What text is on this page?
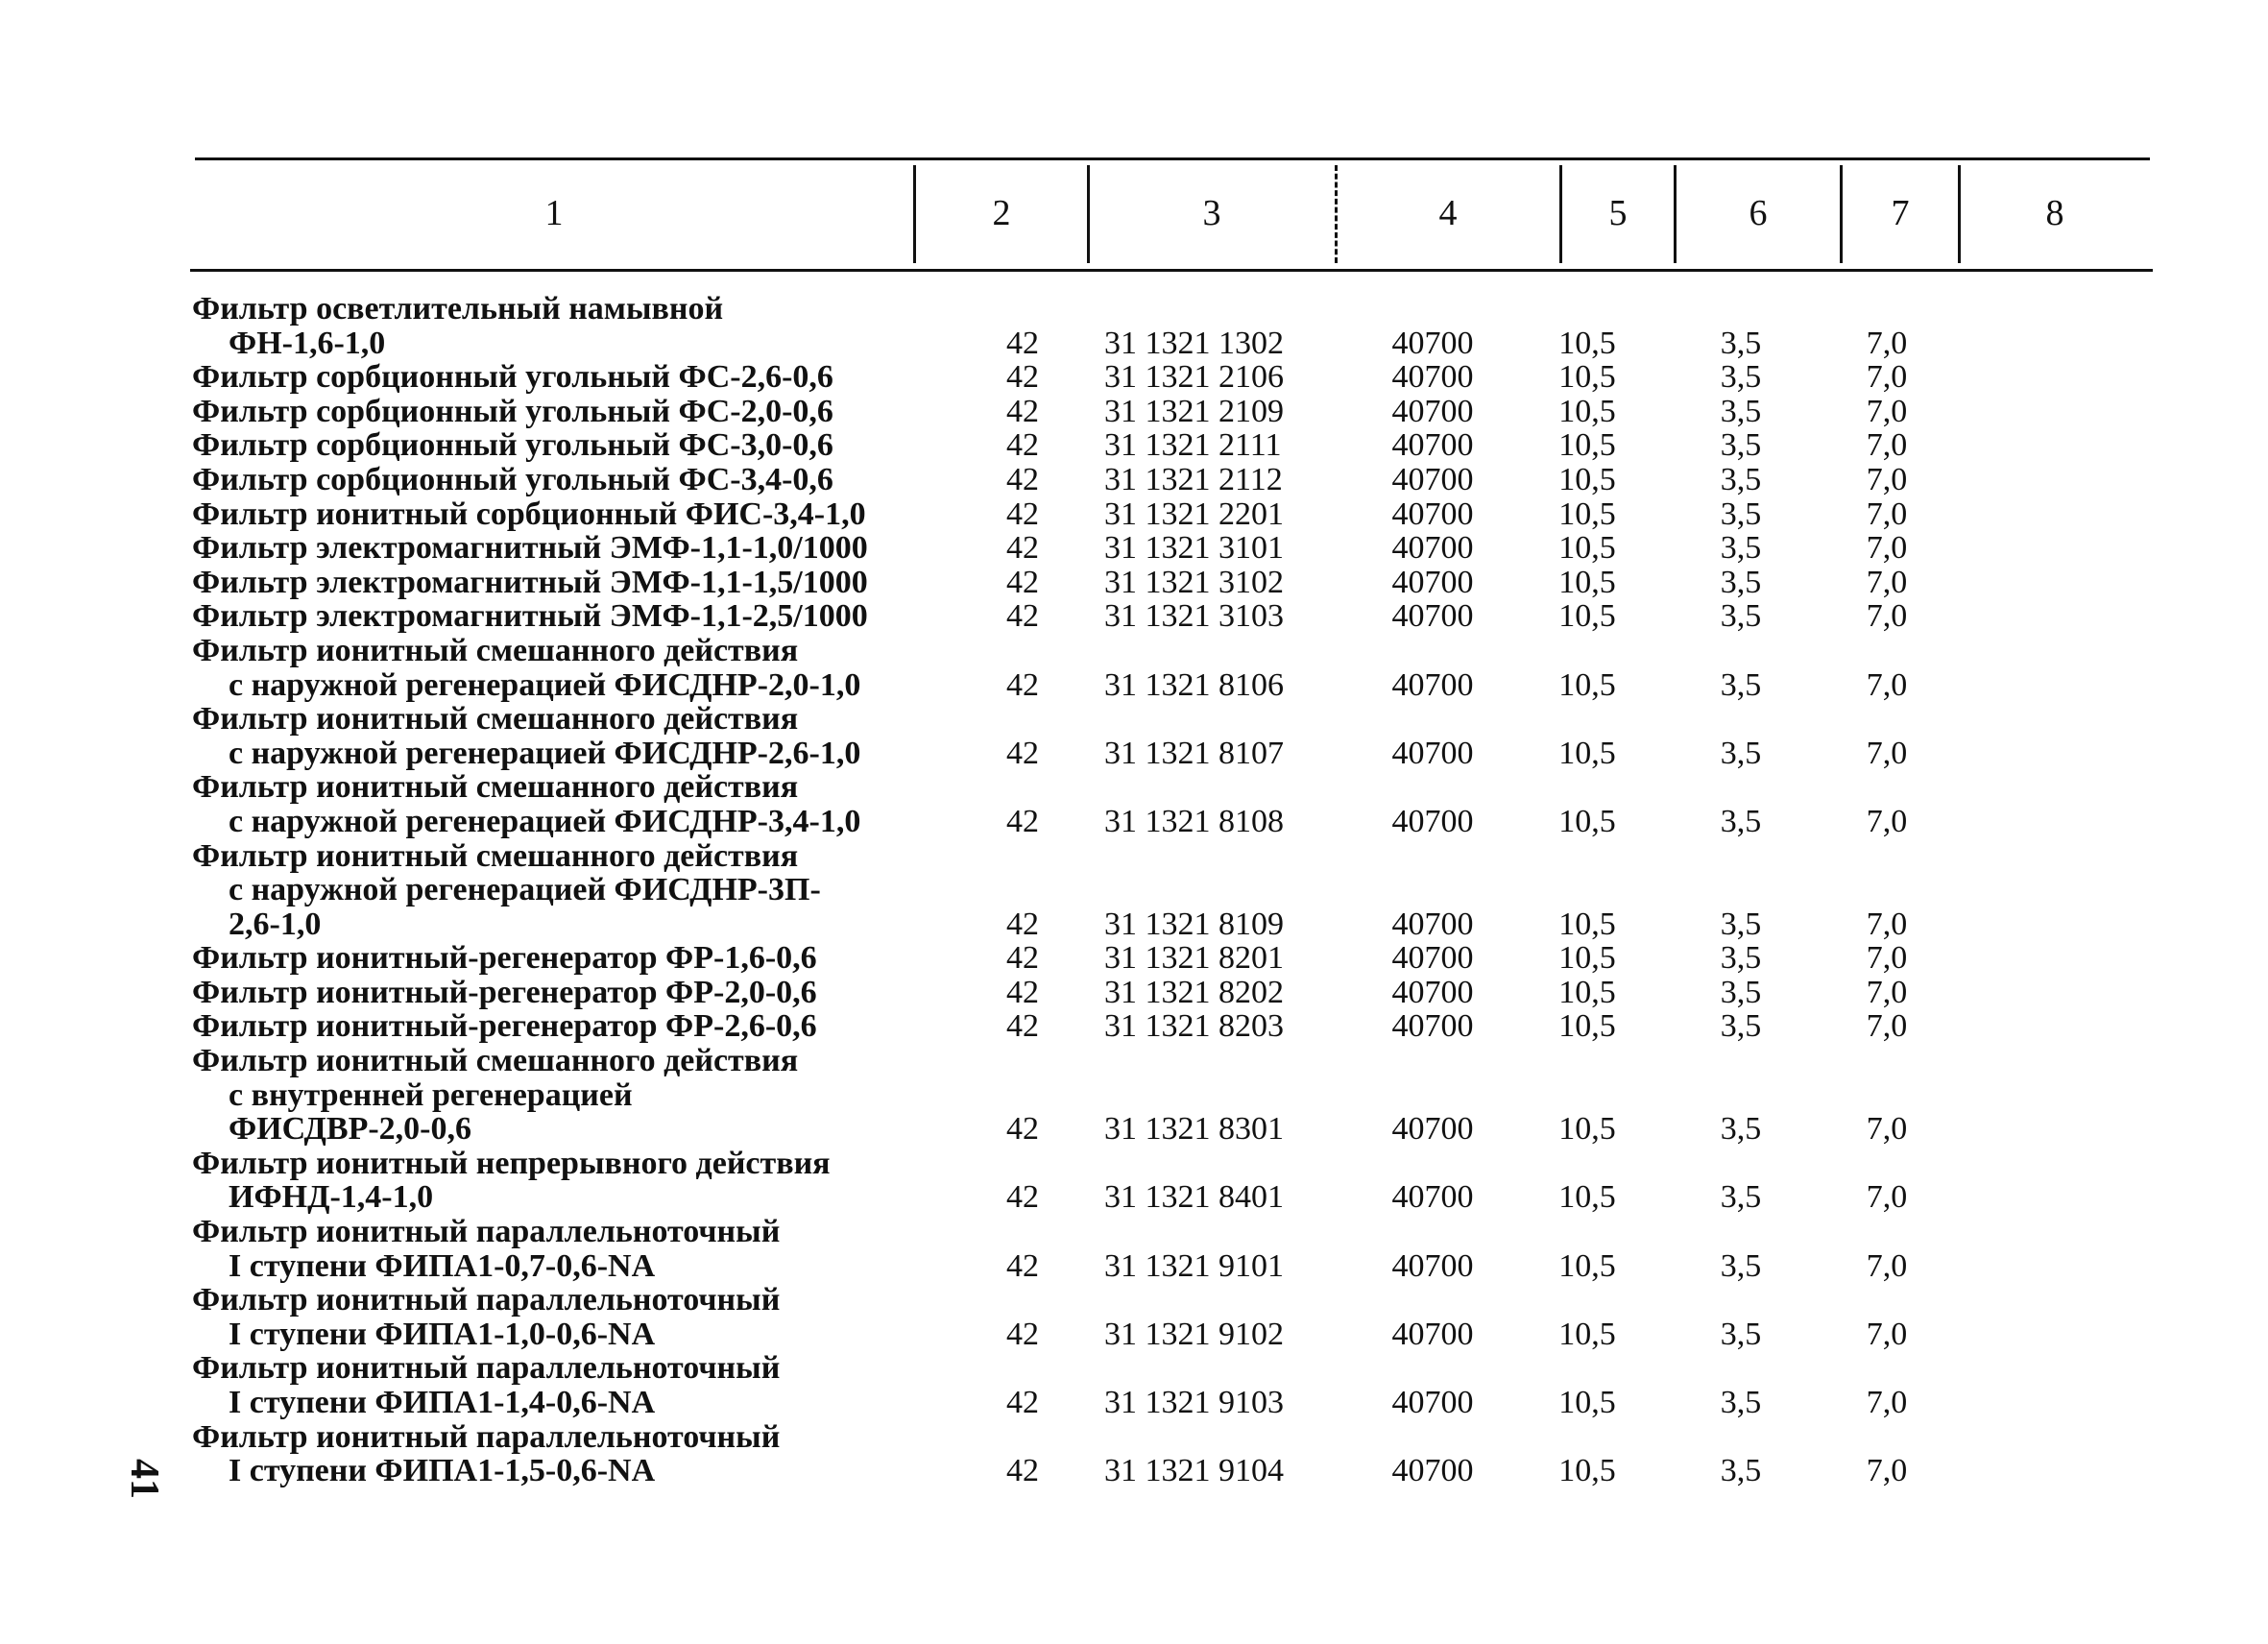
1	2	3	4	5	6	7	8
Фильтр осветлительный намывной
ФН-1,6-1,0	42	31 1321 1302	40700	10,5	3,5	7,0
Фильтр сорбционный угольный ФС-2,6-0,6	42	31 1321 2106	40700	10,5	3,5	7,0
Фильтр сорбционный угольный ФС-2,0-0,6	42	31 1321 2109	40700	10,5	3,5	7,0
Фильтр сорбционный угольный ФС-3,0-0,6	42	31 1321 2111	40700	10,5	3,5	7,0
Фильтр сорбционный угольный ФС-3,4-0,6	42	31 1321 2112	40700	10,5	3,5	7,0
Фильтр ионитный сорбционный ФИС-3,4-1,0	42	31 1321 2201	40700	10,5	3,5	7,0
Фильтр электромагнитный ЭМФ-1,1-1,0/1000	42	31 1321 3101	40700	10,5	3,5	7,0
Фильтр электромагнитный ЭМФ-1,1-1,5/1000	42	31 1321 3102	40700	10,5	3,5	7,0
Фильтр электромагнитный ЭМФ-1,1-2,5/1000	42	31 1321 3103	40700	10,5	3,5	7,0
Фильтр ионитный смешанного действия
с наружной регенерацией ФИСДНР-2,0-1,0	42	31 1321 8106	40700	10,5	3,5	7,0
Фильтр ионитный смешанного действия
с наружной регенерацией ФИСДНР-2,6-1,0	42	31 1321 8107	40700	10,5	3,5	7,0
Фильтр ионитный смешанного действия
с наружной регенерацией ФИСДНР-3,4-1,0	42	31 1321 8108	40700	10,5	3,5	7,0
Фильтр ионитный смешанного действия
с наружной регенерацией ФИСДНР-3П-
2,6-1,0	42	31 1321 8109	40700	10,5	3,5	7,0
Фильтр ионитный-регенератор ФР-1,6-0,6	42	31 1321 8201	40700	10,5	3,5	7,0
Фильтр ионитный-регенератор ФР-2,0-0,6	42	31 1321 8202	40700	10,5	3,5	7,0
Фильтр ионитный-регенератор ФР-2,6-0,6	42	31 1321 8203	40700	10,5	3,5	7,0
Фильтр ионитный смешанного действия
с внутренней регенерацией
ФИСДВР-2,0-0,6	42	31 1321 8301	40700	10,5	3,5	7,0
Фильтр ионитный непрерывного действия
ИФНД-1,4-1,0	42	31 1321 8401	40700	10,5	3,5	7,0
Фильтр ионитный параллельноточный
I ступени ФИПА1-0,7-0,6-NA	42	31 1321 9101	40700	10,5	3,5	7,0
Фильтр ионитный параллельноточный
I ступени ФИПА1-1,0-0,6-NA	42	31 1321 9102	40700	10,5	3,5	7,0
Фильтр ионитный параллельноточный
I ступени ФИПА1-1,4-0,6-NA	42	31 1321 9103	40700	10,5	3,5	7,0
Фильтр ионитный параллельноточный
I ступени ФИПА1-1,5-0,6-NA	42	31 1321 9104	40700	10,5	3,5	7,0
41
